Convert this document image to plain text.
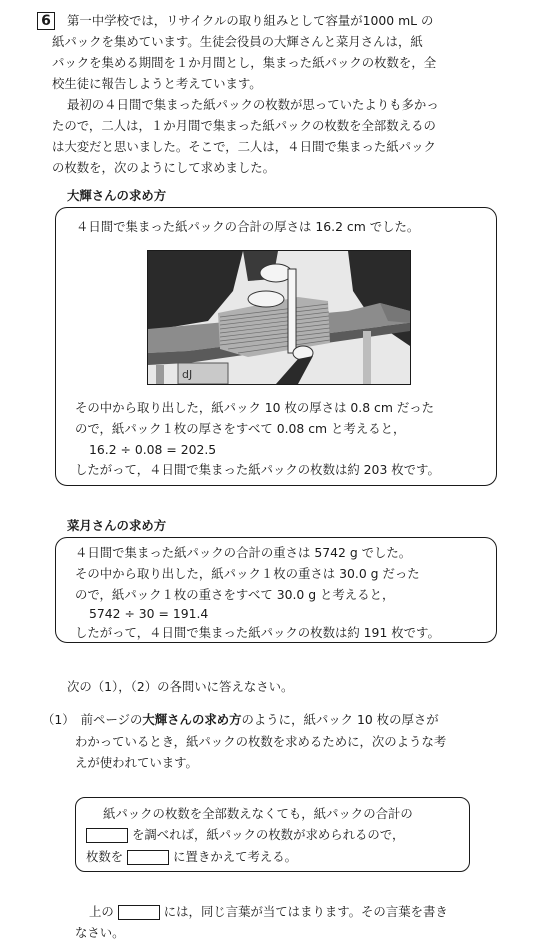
6	第一中学校では，リサイクルの取り組みとして容量が1000 mL の
紙パックを集めています。生徒会役員の大輝さんと菜月さんは，紙
パックを集める期間を１か月間とし，集まった紙パックの枚数を，全
校生徒に報告しようと考えています。
最初の４日間で集まった紙パックの枚数が思っていたよりも多かっ
たので，二人は，１か月間で集まった紙パックの枚数を全部数えるの
は大変だと思いました。そこで，二人は，４日間で集まった紙パック
の枚数を，次のようにして求めました。
大輝さんの求め方
４日間で集まった紙パックの合計の厚さは 16.2 cm でした。
dJ
その中から取り出した，紙パック 10 枚の厚さは 0.8 cm だった
ので，紙パック１枚の厚さをすべて 0.08 cm と考えると，
16.2 ÷ 0.08 = 202.5
したがって，４日間で集まった紙パックの枚数は約 203 枚です。
菜月さんの求め方
４日間で集まった紙パックの合計の重さは 5742 g でした。
その中から取り出した，紙パック１枚の重さは 30.0 g だった
ので，紙パック１枚の重さをすべて 30.0 g と考えると，
5742 ÷ 30 = 191.4
したがって，４日間で集まった紙パックの枚数は約 191 枚です。
次の（1），（2）の各問いに答えなさい。
（1） 前ページの大輝さんの求め方のように，紙パック 10 枚の厚さが
わかっているとき，紙パックの枚数を求めるために，次のような考
えが使われています。
紙パックの枚数を全部数えなくても，紙パックの合計の
を調べれば，紙パックの枚数が求められるので，
枚数を	に置きかえて考える。
上の	には，同じ言葉が当てはまります。その言葉を書き
なさい。
